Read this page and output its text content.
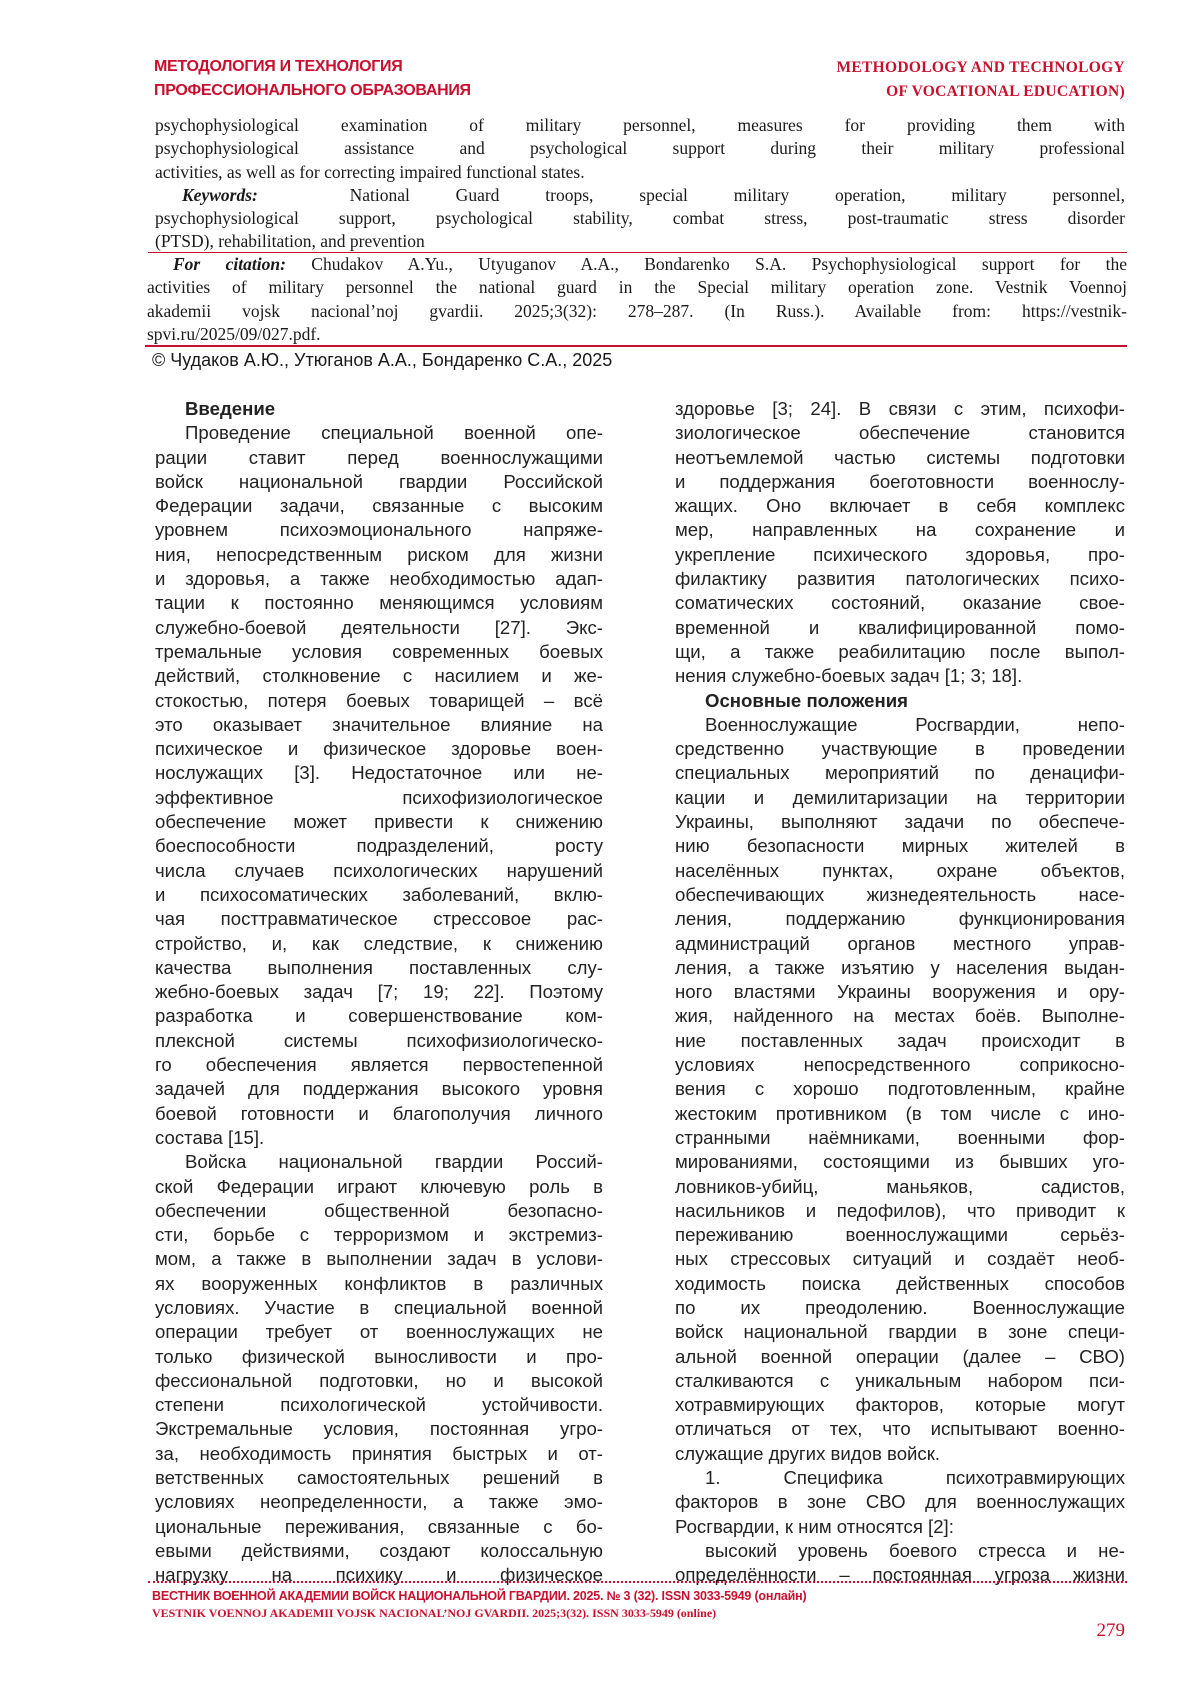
МЕТОДОЛОГИЯ И ТЕХНОЛОГИЯ
ПРОФЕССИОНАЛЬНОГО ОБРАЗОВАНИЯ
METHODOLOGY AND TECHNOLOGY
OF VOCATIONAL EDUCATION)
psychophysiological examination of military personnel, measures for providing them with
psychophysiological assistance and psychological support during their military professional
activities, as well as for correcting impaired functional states.
Keywords:	National Guard troops, special military operation, military personnel,
psychophysiological support, psychological stability, combat stress, post-traumatic stress disorder
(PTSD), rehabilitation, and prevention
For citation: Chudakov A.Yu., Utyuganov A.A., Bondarenko S.A. Psychophysiological support for the
activities of military personnel the national guard in the Special military operation zone. Vestnik Voennoj
akademii vojsk nacional’noj gvardii. 2025;3(32): 278–287. (In Russ.). Available from: https://vestnik-
spvi.ru/2025/09/027.pdf.
© Чудаков А.Ю., Утюганов А.А., Бондаренко С.А., 2025
Введение
Проведение специальной военной опе-
рации ставит перед военнослужащими
войск национальной гвардии Российской
Федерации задачи, связанные с высоким
уровнем психоэмоционального напряже-
ния, непосредственным риском для жизни
и здоровья, а также необходимостью адап-
тации к постоянно меняющимся условиям
служебно-боевой деятельности [27]. Экс-
тремальные условия современных боевых
действий, столкновение с насилием и же-
стокостью, потеря боевых товарищей – всё
это оказывает значительное влияние на
психическое и физическое здоровье воен-
нослужащих [3]. Недостаточное или не-
эффективное психофизиологическое
обеспечение может привести к снижению
боеспособности подразделений, росту
числа случаев психологических нарушений
и психосоматических заболеваний, вклю-
чая посттравматическое стрессовое рас-
стройство, и, как следствие, к снижению
качества выполнения поставленных слу-
жебно-боевых задач [7; 19; 22]. Поэтому
разработка и совершенствование ком-
плексной системы психофизиологическо-
го обеспечения является первостепенной
задачей для поддержания высокого уровня
боевой готовности и благополучия личного
состава [15].
Войска национальной гвардии Россий-
ской Федерации играют ключевую роль в
обеспечении общественной безопасно-
сти, борьбе с терроризмом и экстремиз-
мом, а также в выполнении задач в услови-
ях вооруженных конфликтов в различных
условиях. Участие в специальной военной
операции требует от военнослужащих не
только физической выносливости и про-
фессиональной подготовки, но и высокой
степени психологической устойчивости.
Экстремальные условия, постоянная угро-
за, необходимость принятия быстрых и от-
ветственных самостоятельных решений в
условиях неопределенности, а также эмо-
циональные переживания, связанные с бо-
евыми действиями, создают колоссальную
нагрузку на психику и физическое
здоровье [3; 24]. В связи с этим, психофи-
зиологическое обеспечение становится
неотъемлемой частью системы подготовки
и поддержания боеготовности военнослу-
жащих. Оно включает в себя комплекс
мер, направленных на сохранение и
укрепление психического здоровья, про-
филактику развития патологических психо-
соматических состояний, оказание свое-
временной и квалифицированной помо-
щи, а также реабилитацию после выпол-
нения служебно-боевых задач [1; 3; 18].
Основные положения
Военнослужащие Росгвардии, непо-
средственно участвующие в проведении
специальных мероприятий по денацифи-
кации и демилитаризации на территории
Украины, выполняют задачи по обеспече-
нию безопасности мирных жителей в
населённых пунктах, охране объектов,
обеспечивающих жизнедеятельность насе-
ления, поддержанию функционирования
администраций органов местного управ-
ления, а также изъятию у населения выдан-
ного властями Украины вооружения и ору-
жия, найденного на местах боёв. Выполне-
ние поставленных задач происходит в
условиях непосредственного соприкосно-
вения с хорошо подготовленным, крайне
жестоким противником (в том числе с ино-
странными наёмниками, военными фор-
мированиями, состоящими из бывших уго-
ловников-убийц, маньяков, садистов,
насильников и педофилов), что приводит к
переживанию военнослужащими серьёз-
ных стрессовых ситуаций и создаёт необ-
ходимость поиска действенных способов
по их преодолению. Военнослужащие
войск национальной гвардии в зоне специ-
альной военной операции (далее – СВО)
сталкиваются с уникальным набором пси-
хотравмирующих факторов, которые могут
отличаться от тех, что испытывают военно-
служащие других видов войск.
1. Специфика психотравмирующих
факторов в зоне СВО для военнослужащих
Росгвардии, к ним относятся [2]:
высокий уровень боевого стресса и не-
определённости – постоянная угроза жизни
ВЕСТНИК ВОЕННОЙ АКАДЕМИИ ВОЙСК НАЦИОНАЛЬНОЙ ГВАРДИИ. 2025. № 3 (32). ISSN 3033-5949 (онлайн)
VESTNIK VOENNOJ AKADEMII VOJSK NACIONAL’NOJ GVARDII. 2025;3(32). ISSN 3033-5949 (online)
279
